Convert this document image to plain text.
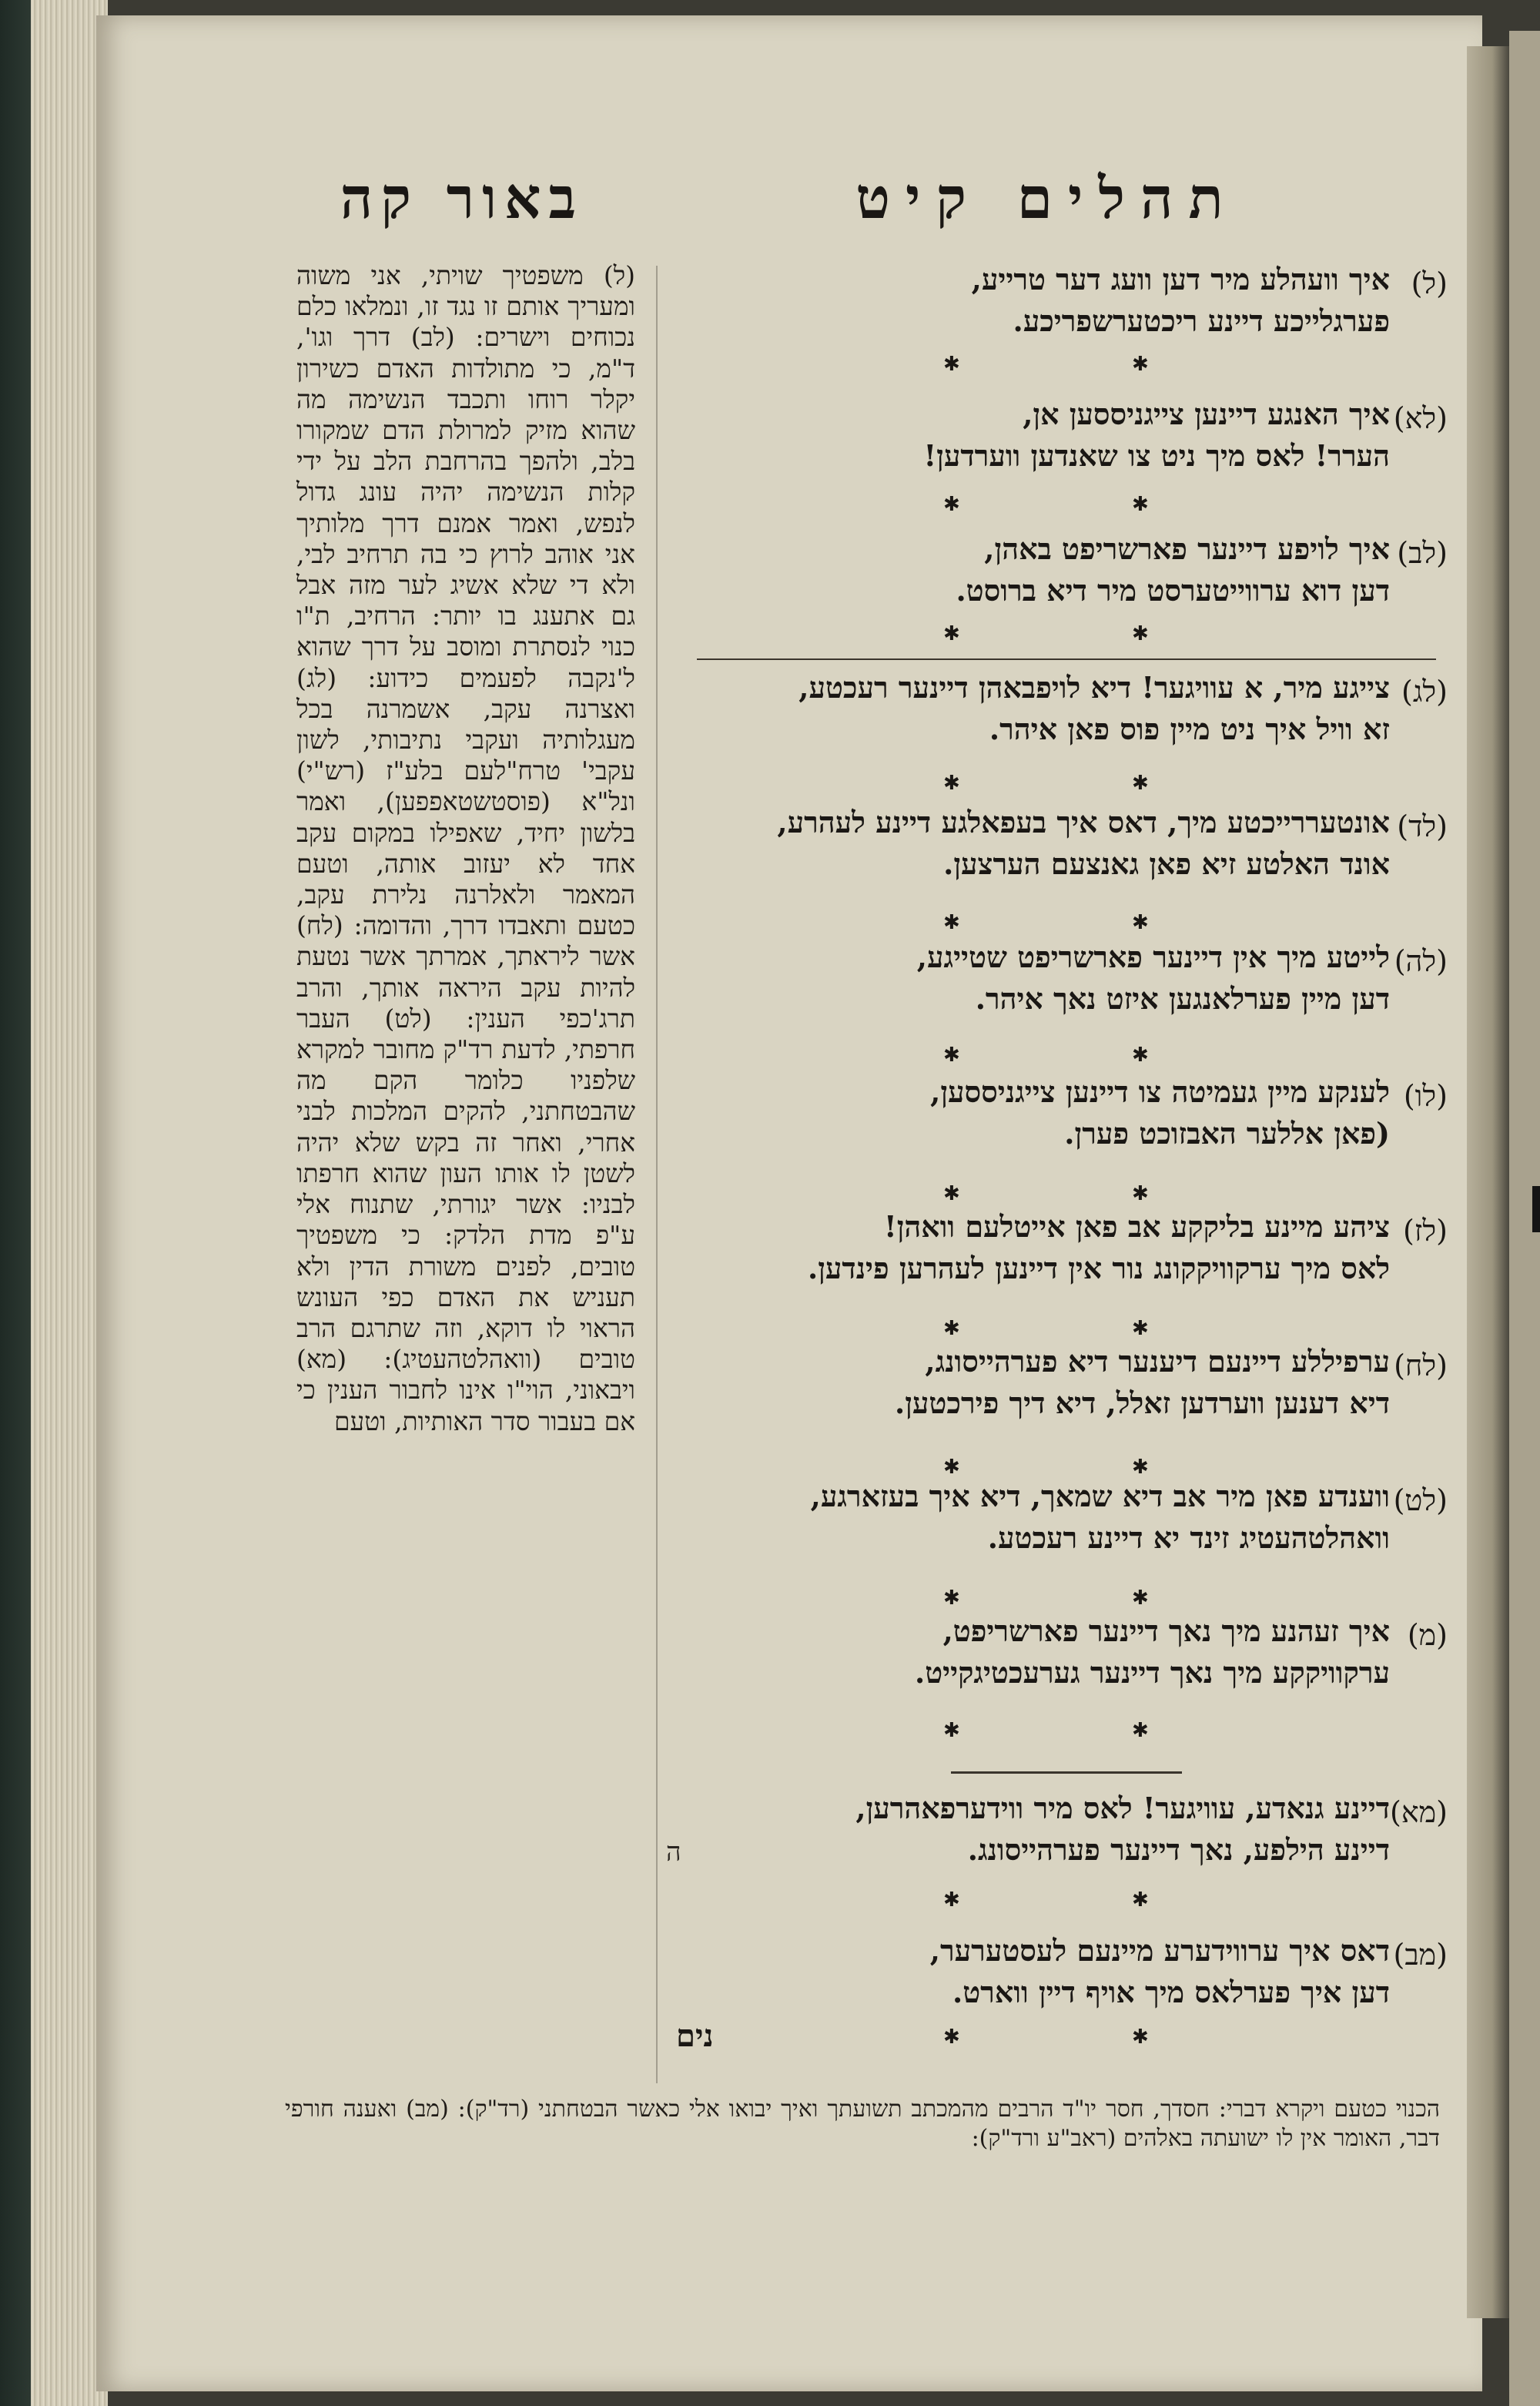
תהלים קיט
באור קה

(ל) משפטיך שויתי, אני משוה ומעריך אותם זו נגד זו, ונמלאו כלם נכוחים וישרים: (לב) דרך וגו', ד"מ, כי מתולדות האדם כשירון יקלר רוחו ותכבד הנשימה מה שהוא מזיק למרולת הדם שמקורו בלב, ולהפך בהרחבת הלב על ידי קלות הנשימה יהיה עונג גדול לנפש, ואמר אמנם דרך מלותיך אני אוהב לרוץ כי בה תרחיב לבי, ולא די שלא אשיג לער מזה אבל גם אתענג בו יותר: הרחיב, ת"ו כנוי לנסתרת ומוסב על דרך שהוא ל'נקבה לפעמים כידוע: (לג) ואצרנה עקב, אשמרנה בכל מעגלותיה ועקבי נתיבותי, לשון עקבי' טרח"לעם בלע"ז (רש"י) ונל"א (פוסטשטאפפען), ואמר בלשון יחיד, שאפילו במקום עקב אחד לא יעזוב אותה, וטעם המאמר ולאלרנה נלירת עקב, כטעם ותאבדו דרך, והדומה: (לח) אשר ליראתך, אמרתך אשר נטעת להיות עקב היראה אותך, והרב תרג'כפי הענין: (לט) העבר חרפתי, לדעת רד"ק מחובר למקרא שלפניו כלומר הקם מה שהבטחתני, להקים המלכות לבני אחרי, ואחר זה בקש שלא יהיה לשטן לו אותו העון שהוא חרפתו לבניו: אשר יגורתי, שתנוח אלי ע"פ מדת הלדק: כי משפטיך טובים, לפנים משורת הדין ולא תעניש את האדם כפי העונש הראוי לו דוקא, וזה שתרגם הרב טובים (וואהלטהעטיג): (מא) ויבאוני, הוי"ו אינו לחבור הענין כי אם בעבור סדר האותיות, וטעם

(ל)
איך וועהלע מיר דען וועג דער טרייע,
פערגלייכע דיינע ריכטערשפריכע.
(לא)
איך האנגע דיינען צייגניססען אן,
הערר! לאס מיך ניט צו שאנדען ווערדען!
(לב)
איך לויפע דיינער פארשריפט באהן,
דען דוא ערווייטערסט מיר דיא ברוסט.
(לג)
צייגע מיר, א עוויגער! דיא לויפבאהן דיינער רעכטע,
זא וויל איך ניט מיין פוס פאן איהר.
(לד)
אונטעררייכטע מיך, דאס איך בעפאלגע דיינע לעהרע,
אונד האלטע זיא פאן גאנצעם הערצען.
(לה)
לייטע מיך אין דיינער פארשריפט שטייגע,
דען מיין פערלאנגען איזט נאך איהר.
(לו)
לענקע מיין געמיטה צו דיינען צייגניססען,
(פאן אללער האבזוכט פערן.
(לז)
ציהע מיינע בליקקע אב פאן אייטלעם וואהן!
לאס מיך ערקוויקקונג נור אין דיינען לעהרען פינדען.
(לח)
ערפיללע דיינעם דיענער דיא פערהייסונג,
דיא דענען ווערדען זאלל, דיא דיך פירכטען.
(לט)
ווענדע פאן מיר אב דיא שמאך, דיא איך בעזארגע,
וואהלטהעטיג זינד יא דיינע רעכטע.
(מ)
איך זעהנע מיך נאך דיינער פארשריפט,
ערקוויקקע מיך נאך דיינער גערעכטיגקייט.
(מא)
דיינע גנאדע, עוויגער! לאס מיר ווידערפאהרען,
דיינע הילפע, נאך דיינער פערהייסונג.
(מב)
דאס איך ערווידערע מיינעם לעסטערער,
דען איך פערלאס מיך אויף דיין ווארט.
✱	✱
✱	✱
✱	✱
✱	✱
✱	✱
✱	✱
✱	✱
✱	✱
✱	✱
✱	✱
✱	✱
✱	✱
✱	✱
ה
נים

הכנוי כטעם ויקרא דברי: חסדך, חסר יו"ד הרבים מהמכתב תשועתך ואיך יבואו אלי כאשר הבטחתני (רד"ק): (מב) ואענה חורפי דבר, האומר אין לו ישועתה באלהים (ראב"ע ורד"ק):
